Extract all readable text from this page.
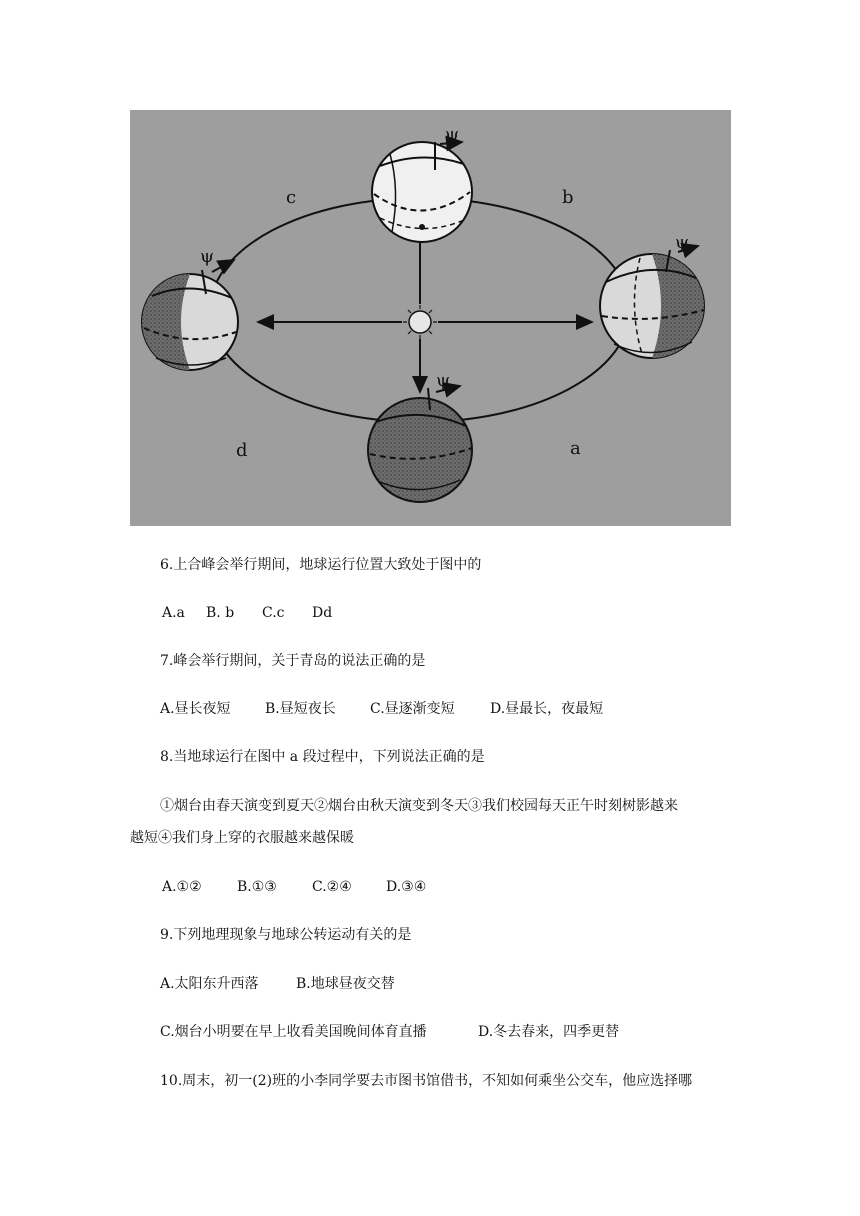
ψ
ψ
ψ
ψ
c	b
d	a
6.上合峰会举行期间，地球运行位置大致处于图中的
A.a B. b C.c Dd
7.峰会举行期间，关于青岛的说法正确的是
A.昼长夜短 B.昼短夜长 C.昼逐渐变短	D.昼最长，夜最短
8.当地球运行在图中 a 段过程中，下列说法正确的是
①烟台由春天演变到夏天②烟台由秋天演变到冬天③我们校园每天正午时刻树影越来
越短④我们身上穿的衣服越来越保暖
A.①②	B.①③	C.②④ D.③④
9.下列地理现象与地球公转运动有关的是
A.太阳东升西落	B.地球昼夜交替
C.烟台小明要在早上收看美国晚间体育直播	D.冬去春来，四季更替
10.周末，初一(2)班的小李同学要去市图书馆借书，不知如何乘坐公交车，他应选择哪
